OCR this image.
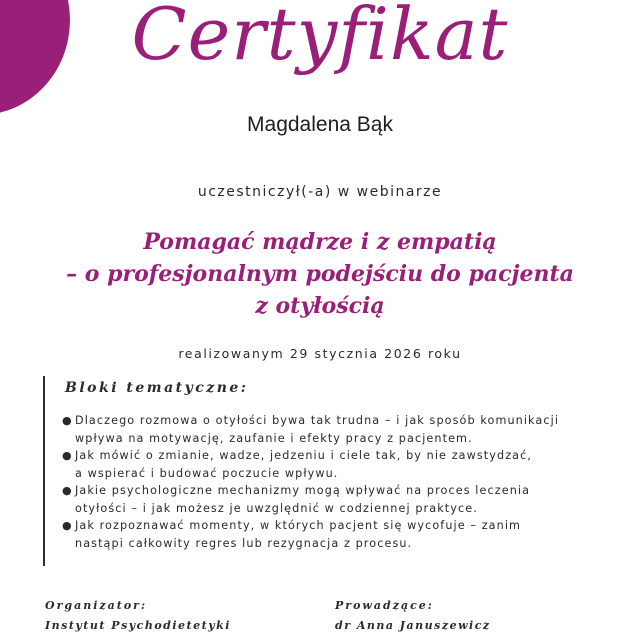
Certyfikat
Magdalena Bąk
uczestniczył(-a) w webinarze
Pomagać mądrze i z empatią
– o profesjonalnym podejściu do pacjenta
z otyłością
realizowanym 29 stycznia 2026 roku
Bloki tematyczne:
● Dlaczego rozmowa o otyłości bywa tak trudna – i jak sposób komunikacji
wpływa na motywację, zaufanie i efekty pracy z pacjentem.
● Jak mówić o zmianie, wadze, jedzeniu i ciele tak, by nie zawstydzać,
a wspierać i budować poczucie wpływu.
● Jakie psychologiczne mechanizmy mogą wpływać na proces leczenia
otyłości – i jak możesz je uwzględnić w codziennej praktyce.
● Jak rozpoznawać momenty, w których pacjent się wycofuje – zanim
nastąpi całkowity regres lub rezygnacja z procesu.
Organizator:
Instytut Psychodietetyki
Prowadzące:
dr Anna Januszewicz
